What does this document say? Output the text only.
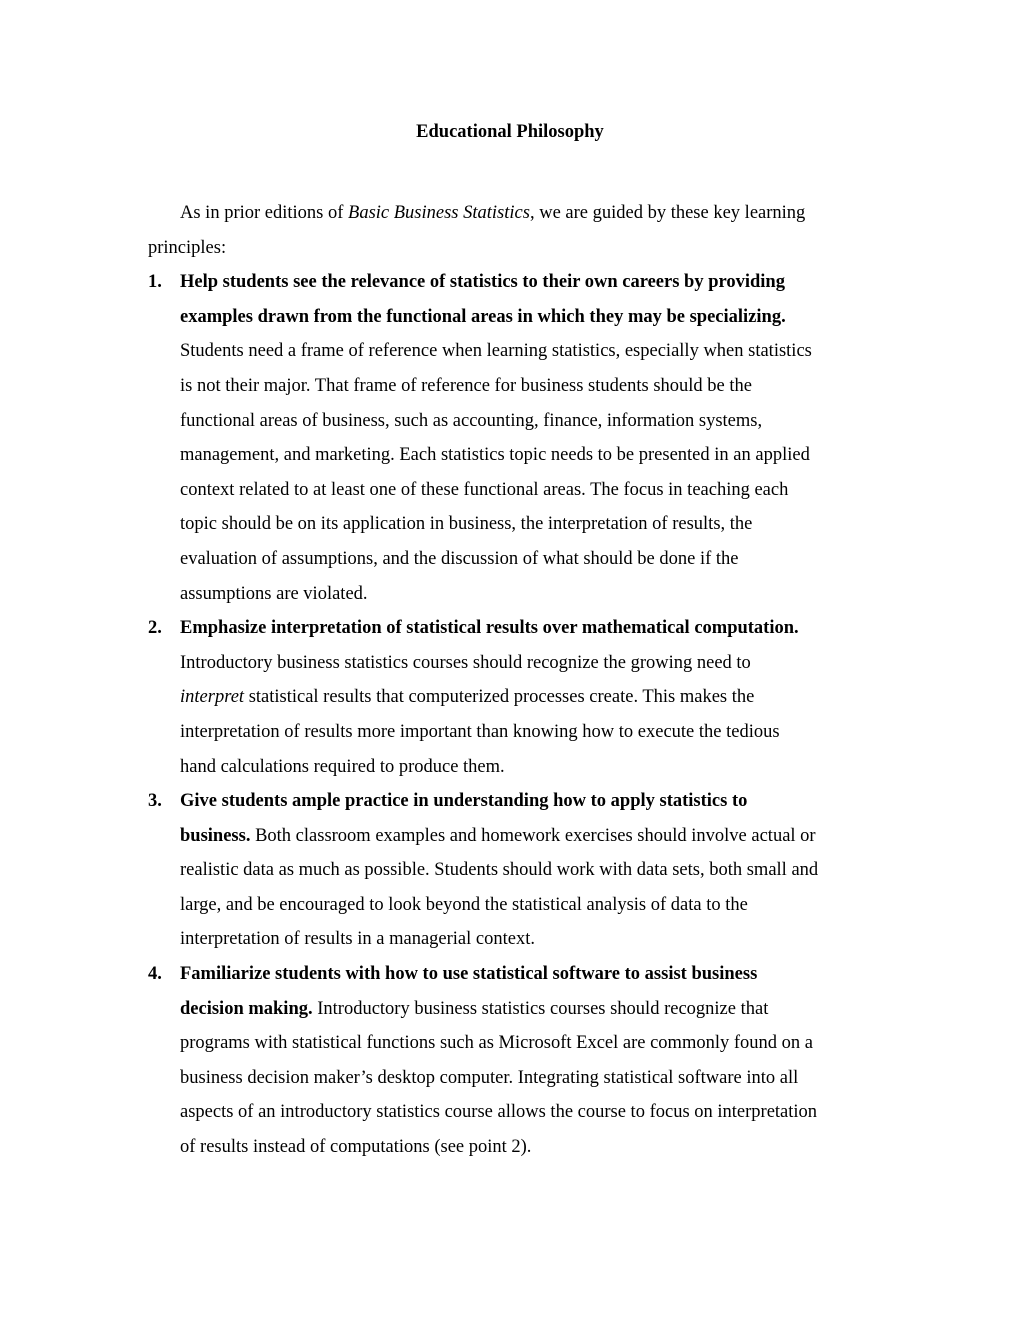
Educational Philosophy

As in prior editions of Basic Business Statistics, we are guided by these key learning
principles:

1. Help students see the relevance of statistics to their own careers by providing
examples drawn from the functional areas in which they may be specializing.
Students need a frame of reference when learning statistics, especially when statistics
is not their major. That frame of reference for business students should be the
functional areas of business, such as accounting, finance, information systems,
management, and marketing. Each statistics topic needs to be presented in an applied
context related to at least one of these functional areas. The focus in teaching each
topic should be on its application in business, the interpretation of results, the
evaluation of assumptions, and the discussion of what should be done if the
assumptions are violated.
2. Emphasize interpretation of statistical results over mathematical computation.
Introductory business statistics courses should recognize the growing need to
interpret statistical results that computerized processes create. This makes the
interpretation of results more important than knowing how to execute the tedious
hand calculations required to produce them.
3. Give students ample practice in understanding how to apply statistics to
business. Both classroom examples and homework exercises should involve actual or
realistic data as much as possible. Students should work with data sets, both small and
large, and be encouraged to look beyond the statistical analysis of data to the
interpretation of results in a managerial context.
4. Familiarize students with how to use statistical software to assist business
decision making. Introductory business statistics courses should recognize that
programs with statistical functions such as Microsoft Excel are commonly found on a
business decision maker’s desktop computer. Integrating statistical software into all
aspects of an introductory statistics course allows the course to focus on interpretation
of results instead of computations (see point 2).
